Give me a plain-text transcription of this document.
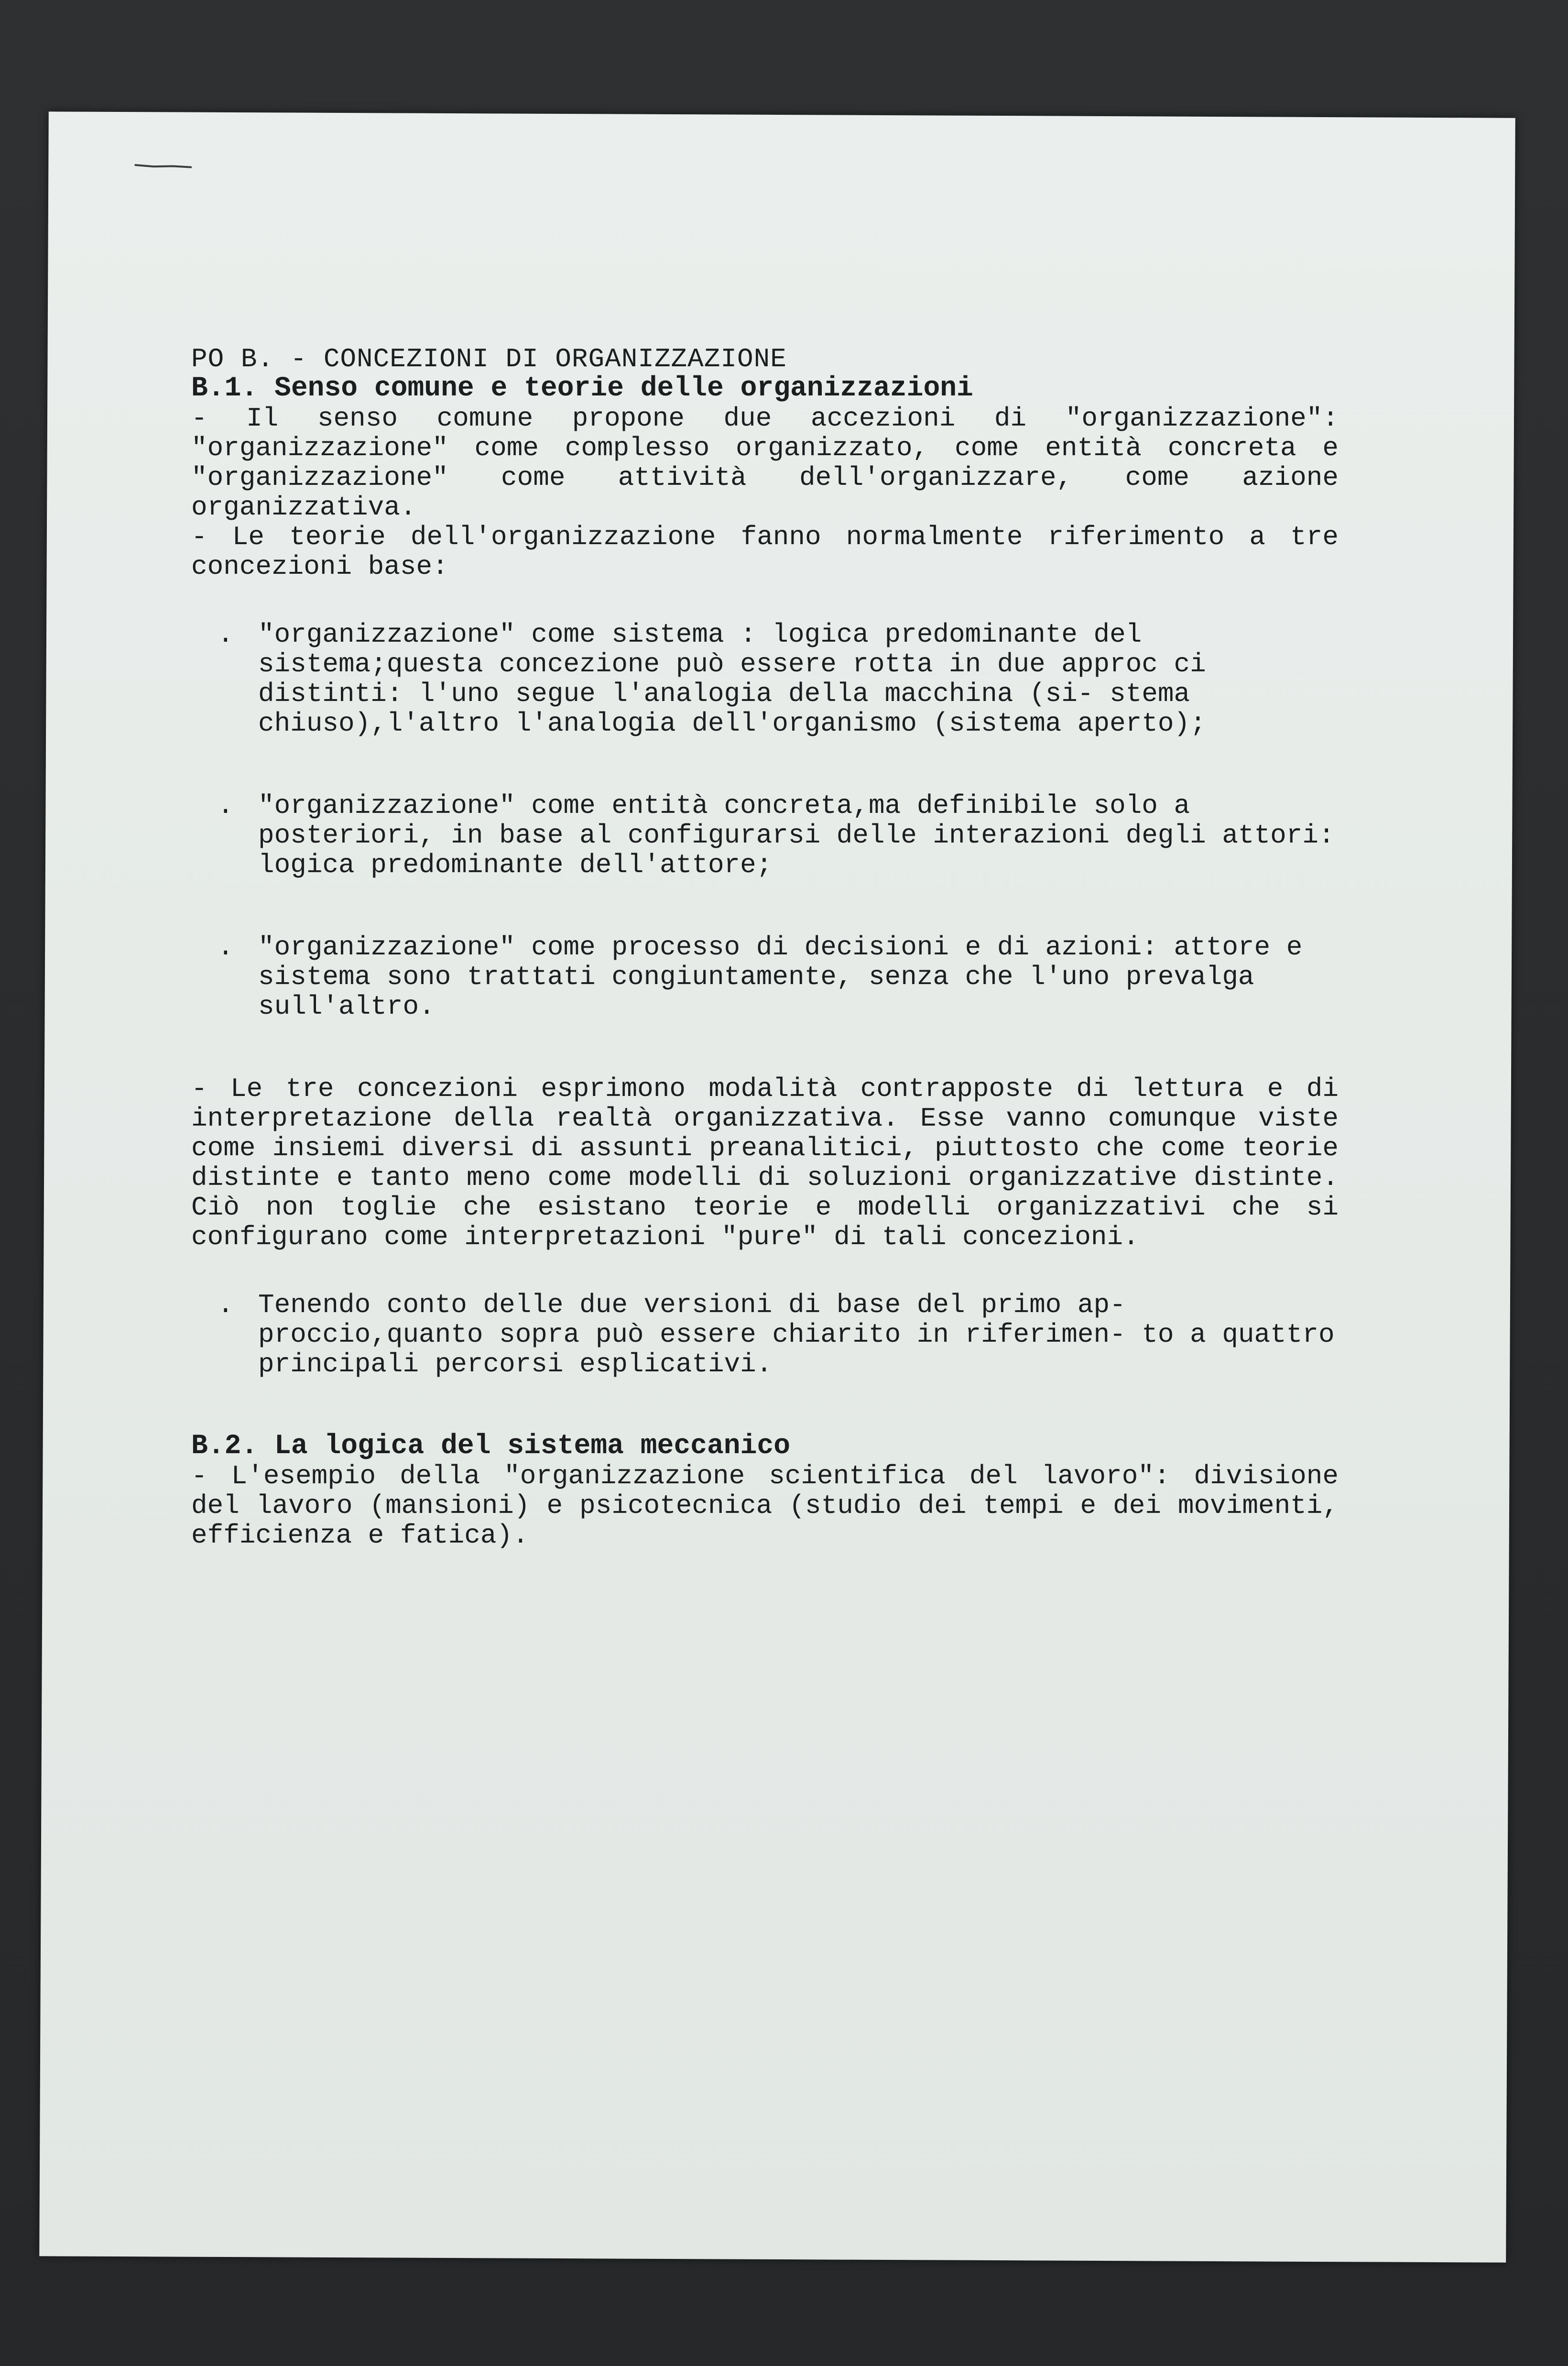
PO B. - CONCEZIONI DI ORGANIZZAZIONE

B.1. Senso comune e teorie delle organizzazioni

- Il senso comune propone due accezioni di "organizzazione": "organizzazione" come complesso organizzato, come entità concreta e "organizzazione" come attività dell'organizzare, come azione organizzativa.

- Le teorie dell'organizzazione fanno normalmente riferimento a tre concezioni base:

. "organizzazione" come sistema : logica predominante del sistema;questa concezione può essere rotta in due approc ci distinti: l'uno segue l'analogia della macchina (si- stema chiuso),l'altro l'analogia dell'organismo (sistema aperto);
. "organizzazione" come entità concreta,ma definibile solo a posteriori, in base al configurarsi delle interazioni degli attori: logica predominante dell'attore;
. "organizzazione" come processo di decisioni e di azioni: attore e sistema sono trattati congiuntamente, senza che l'uno prevalga sull'altro.

- Le tre concezioni esprimono modalità contrapposte di lettura e di interpretazione della realtà organizzativa. Esse vanno comunque viste come insiemi diversi di assunti preanalitici, piuttosto che come teorie distinte e tanto meno come modelli di soluzioni organizzative distinte. Ciò non toglie che esistano teorie e modelli organizzativi che si configurano come interpretazioni "pure" di tali concezioni.

. Tenendo conto delle due versioni di base del primo ap- proccio,quanto sopra può essere chiarito in riferimen- to a quattro principali percorsi esplicativi.

B.2. La logica del sistema meccanico

- L'esempio della "organizzazione scientifica del lavoro": divisione del lavoro (mansioni) e psicotecnica (studio dei tempi e dei movimenti, efficienza e fatica).
